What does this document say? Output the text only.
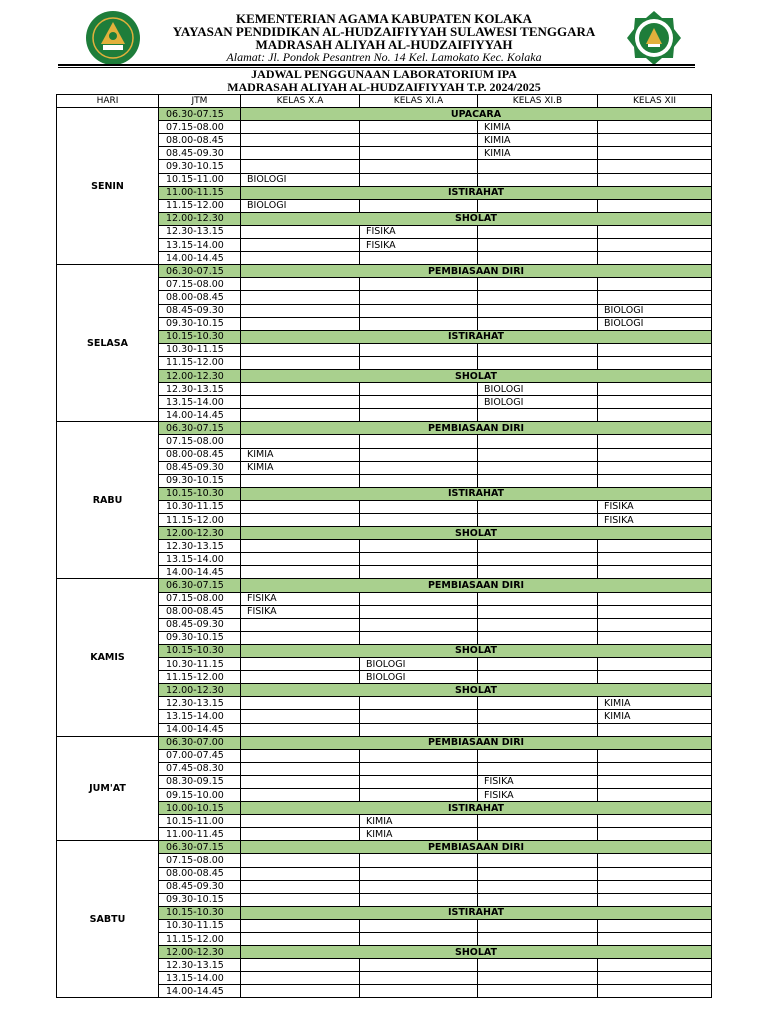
KEMENTERIAN AGAMA KABUPATEN KOLAKA
YAYASAN PENDIDIKAN AL-HUDZAIFIYYAH SULAWESI TENGGARA
MADRASAH ALIYAH AL-HUDZAIFIYYAH
Alamat: Jl. Pondok Pesantren No. 14 Kel. Lamokato Kec. Kolaka
JADWAL PENGGUNAAN LABORATORIUM IPA
MADRASAH ALIYAH AL-HUDZAIFIYYAH T.P. 2024/2025
HARI	JTM	KELAS X.A	KELAS XI.A	KELAS XI.B	KELAS XII
SENIN	06.30-07.15	UPACARA			
	07.15-08.00			KIMIA	
	08.00-08.45			KIMIA	
	08.45-09.30			KIMIA	
	09.30-10.15				
	10.15-11.00	BIOLOGI			
	11.00-11.15	ISTIRAHAT			
	11.15-12.00	BIOLOGI			
	12.00-12.30	SHOLAT			
	12.30-13.15		FISIKA		
	13.15-14.00		FISIKA		
	14.00-14.45				
SELASA	06.30-07.15	PEMBIASAAN DIRI			
	07.15-08.00				
	08.00-08.45				
	08.45-09.30				BIOLOGI
	09.30-10.15				BIOLOGI
	10.15-10.30	ISTIRAHAT			
	10.30-11.15				
	11.15-12.00				
	12.00-12.30	SHOLAT			
	12.30-13.15			BIOLOGI	
	13.15-14.00			BIOLOGI	
	14.00-14.45				
RABU	06.30-07.15	PEMBIASAAN DIRI			
	07.15-08.00				
	08.00-08.45	KIMIA			
	08.45-09.30	KIMIA			
	09.30-10.15				
	10.15-10.30	ISTIRAHAT			
	10.30-11.15				FISIKA
	11.15-12.00				FISIKA
	12.00-12.30	SHOLAT			
	12.30-13.15				
	13.15-14.00				
	14.00-14.45				
KAMIS	06.30-07.15	PEMBIASAAN DIRI			
	07.15-08.00	FISIKA			
	08.00-08.45	FISIKA			
	08.45-09.30				
	09.30-10.15				
	10.15-10.30	SHOLAT			
	10.30-11.15		BIOLOGI		
	11.15-12.00		BIOLOGI		
	12.00-12.30	SHOLAT			
	12.30-13.15				KIMIA
	13.15-14.00				KIMIA
	14.00-14.45				
JUM'AT	06.30-07.00	PEMBIASAAN DIRI			
	07.00-07.45				
	07.45-08.30				
	08.30-09.15			FISIKA	
	09.15-10.00			FISIKA	
	10.00-10.15	ISTIRAHAT			
	10.15-11.00		KIMIA		
	11.00-11.45		KIMIA		
SABTU	06.30-07.15	PEMBIASAAN DIRI			
	07.15-08.00				
	08.00-08.45				
	08.45-09.30				
	09.30-10.15				
	10.15-10.30	ISTIRAHAT			
	10.30-11.15				
	11.15-12.00				
	12.00-12.30	SHOLAT			
	12.30-13.15				
	13.15-14.00				
	14.00-14.45				
